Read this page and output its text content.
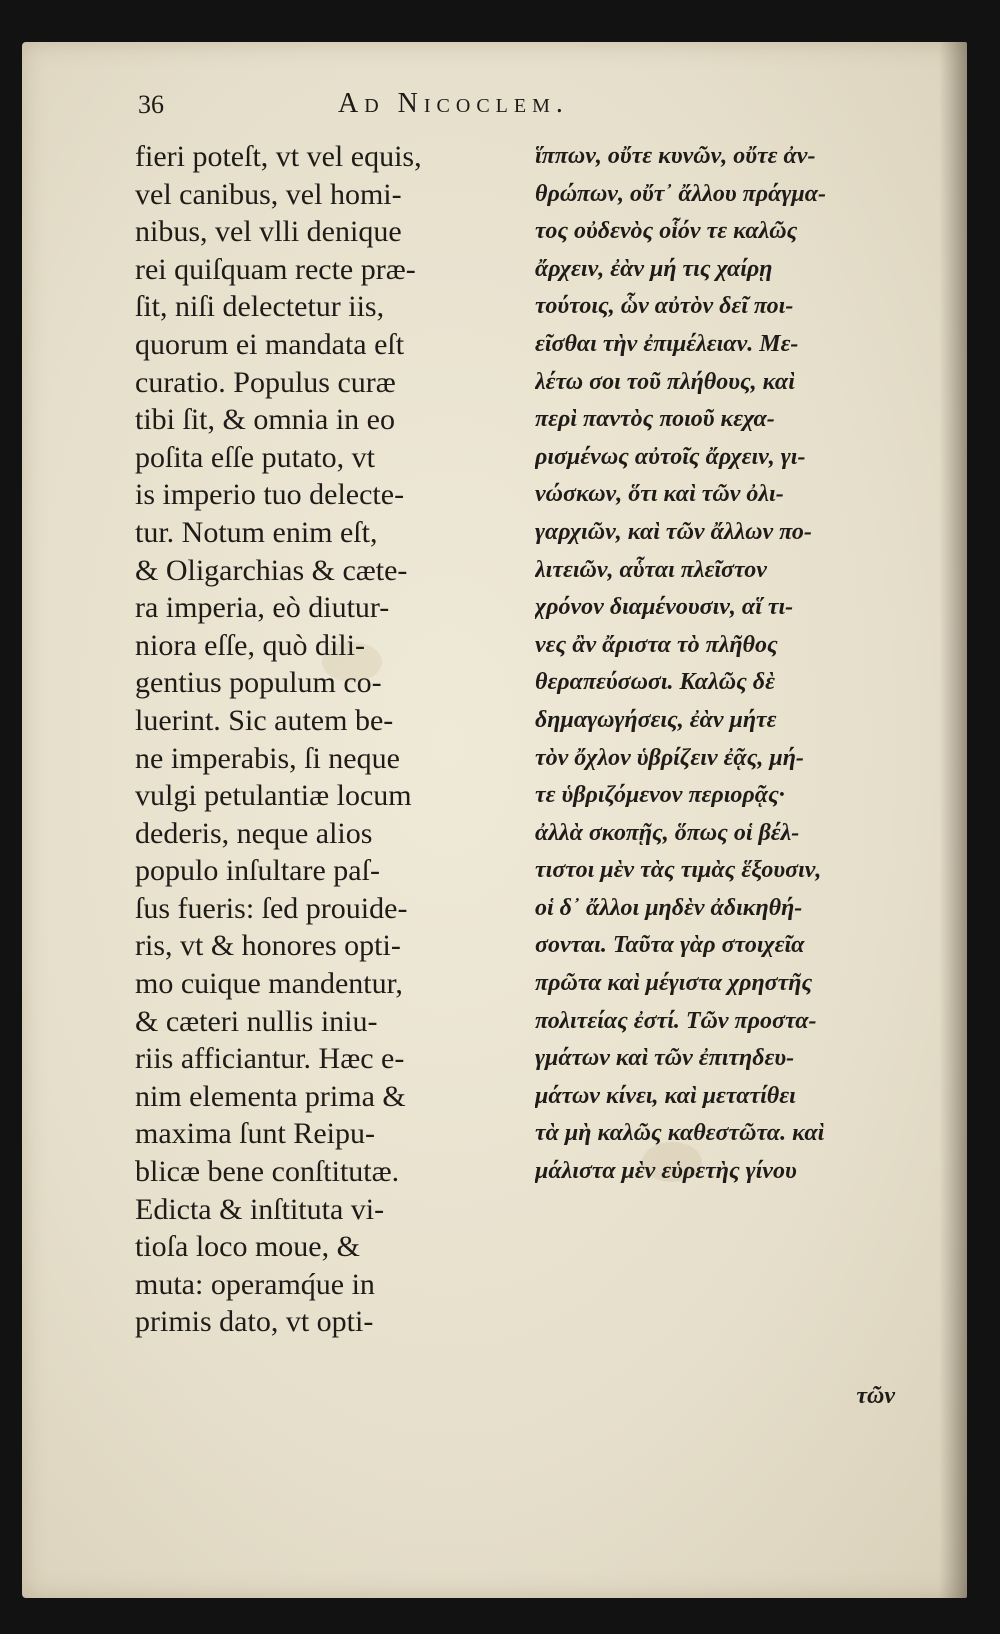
36	Ad Nicoclem.
fieri poteſt, vt vel equis,
vel canibus, vel homi-
nibus, vel vlli denique
rei quiſquam recte præ-
ſit, niſi delectetur iis,
quorum ei mandata eſt
curatio. Populus curæ
tibi ſit, & omnia in eo
poſita eſſe putato, vt
is imperio tuo delecte-
tur. Notum enim eſt,
& Oligarchias & cæte-
ra imperia, eò diutur-
niora eſſe, quò dili-
gentius populum co-
luerint. Sic autem be-
ne imperabis, ſi neque
vulgi petulantiæ locum
dederis, neque alios
populo inſultare paſ-
ſus fueris: ſed prouide-
ris, vt & honores opti-
mo cuique mandentur,
& cæteri nullis iniu-
riis afficiantur. Hæc e-
nim elementa prima &
maxima ſunt Reipu-
blicæ bene conſtitutæ.
Edicta & inſtituta vi-
tioſa loco moue, &
muta: operamq́ue in
primis dato, vt opti-
ἵππων, οὔτε κυνῶν, οὔτε ἀν-
θρώπων, οὔτ᾿ ἄλλου πράγμα-
τος οὐδενὸς οἷόν τε καλῶς
ἄρχειν, ἐὰν μή τις χαίρῃ
τούτοις, ὧν αὐτὸν δεῖ ποι-
εῖσθαι τὴν ἐπιμέλειαν. Με-
λέτω σοι τοῦ πλήθους, καὶ
περὶ παντὸς ποιοῦ κεχα-
ρισμένως αὐτοῖς ἄρχειν, γι-
νώσκων, ὅτι καὶ τῶν ὀλι-
γαρχιῶν, καὶ τῶν ἄλλων πο-
λιτειῶν, αὗται πλεῖστον
χρόνον διαμένουσιν, αἵ τι-
νες ἂν ἄριστα τὸ πλῆθος
θεραπεύσωσι. Καλῶς δὲ
δημαγωγήσεις, ἐὰν μήτε
τὸν ὄχλον ὑβρίζειν ἐᾷς, μή-
τε ὑβριζόμενον περιορᾷς·
ἀλλὰ σκοπῇς, ὅπως οἱ βέλ-
τιστοι μὲν τὰς τιμὰς ἕξουσιν,
οἱ δ᾿ ἄλλοι μηδὲν ἀδικηθή-
σονται. Ταῦτα γὰρ στοιχεῖα
πρῶτα καὶ μέγιστα χρηστῆς
πολιτείας ἐστί. Τῶν προστα-
γμάτων καὶ τῶν ἐπιτηδευ-
μάτων κίνει, καὶ μετατίθει
τὰ μὴ καλῶς καθεστῶτα. καὶ
μάλιστα μὲν εὑρετὴς γίνου
τῶν
